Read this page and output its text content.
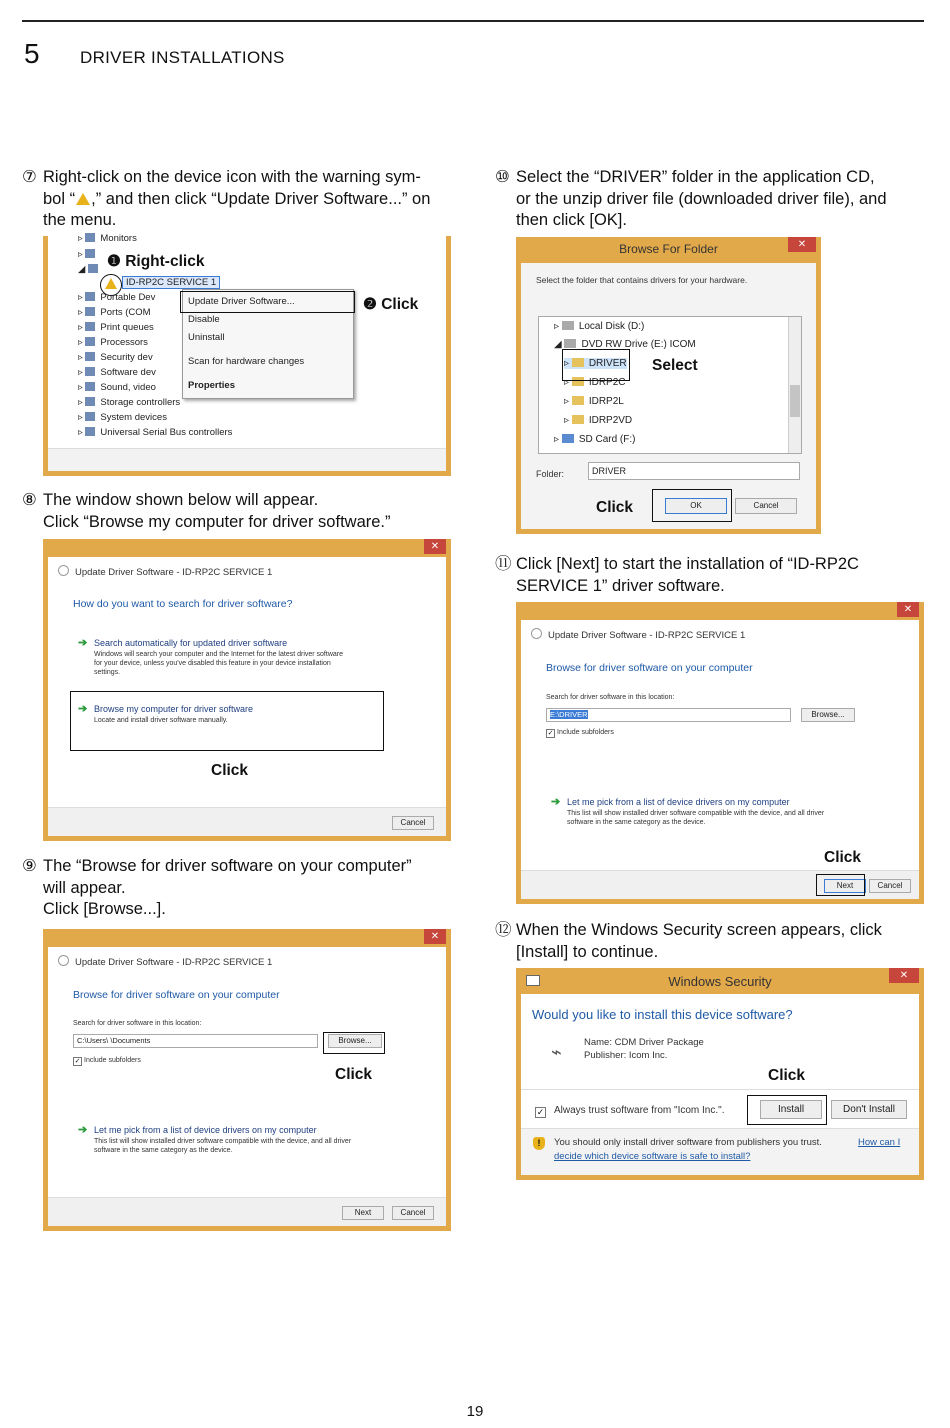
5 DRIVER INSTALLATIONS
⑦ Right-click on the device icon with the warning sym-
bol “ ,” and then click “Update Driver Software...” on
the menu.
▹ Monitors
▹
◢
ID-RP2C SERVICE 1
▹ Portable Dev
▹ Ports (COM
▹ Print queues
▹ Processors
▹ Security dev
▹ Software dev
▹ Sound, video
▹ Storage controllers
▹ System devices
▹ Universal Serial Bus controllers
Update Driver Software...
Disable
Uninstall
Scan for hardware changes
Properties
❶ Right-click
❷ Click
⑧ The window shown below will appear.
Click “Browse my computer for driver software.”
✕
Update Driver Software - ID-RP2C SERVICE 1
How do you want to search for driver software?
➔ Search automatically for updated driver software
Windows will search your computer and the Internet for the latest driver software
for your device, unless you've disabled this feature in your device installation
settings.
➔ Browse my computer for driver software
Locate and install driver software manually.
Cancel
Click
⑨ The “Browse for driver software on your computer”
will appear.
Click [Browse...].
✕
Update Driver Software - ID-RP2C SERVICE 1
Browse for driver software on your computer
Search for driver software in this location:
C:\Users\ \Documents	Browse...
✓ Include subfolders
➔ Let me pick from a list of device drivers on my computer
This list will show installed driver software compatible with the device, and all driver
software in the same category as the device.
Next	Cancel
Click
⑩ Select the “DRIVER” folder in the application CD,
or the unzip driver file (downloaded driver file), and
then click [OK].
Browse For Folder	✕
Select the folder that contains drivers for your hardware.
▹ Local Disk (D:)
◢ DVD RW Drive (E:) ICOM
▹ DRIVER
▹ IDRP2C
▹ IDRP2L
▹ IDRP2VD
▹ SD Card (F:)
Folder:	DRIVER
OK	Cancel
Select
Click
⑪ Click [Next] to start the installation of “ID-RP2C
SERVICE 1” driver software.
✕
Update Driver Software - ID-RP2C SERVICE 1
Browse for driver software on your computer
Search for driver software in this location:
E:\DRIVER	Browse...
✓ Include subfolders
➔ Let me pick from a list of device drivers on my computer
This list will show installed driver software compatible with the device, and all driver
software in the same category as the device.
Next	Cancel
Click
⑫ When the Windows Security screen appears, click
[Install] to continue.
Windows Security	✕
Would you like to install this device software?
⌁	Name: CDM Driver Package
Publisher: Icom Inc.
✓ Always trust software from "Icom Inc.".	Install	Don't Install
!	You should only install driver software from publishers you trust.	How can I
decide which device software is safe to install?
Click
19
